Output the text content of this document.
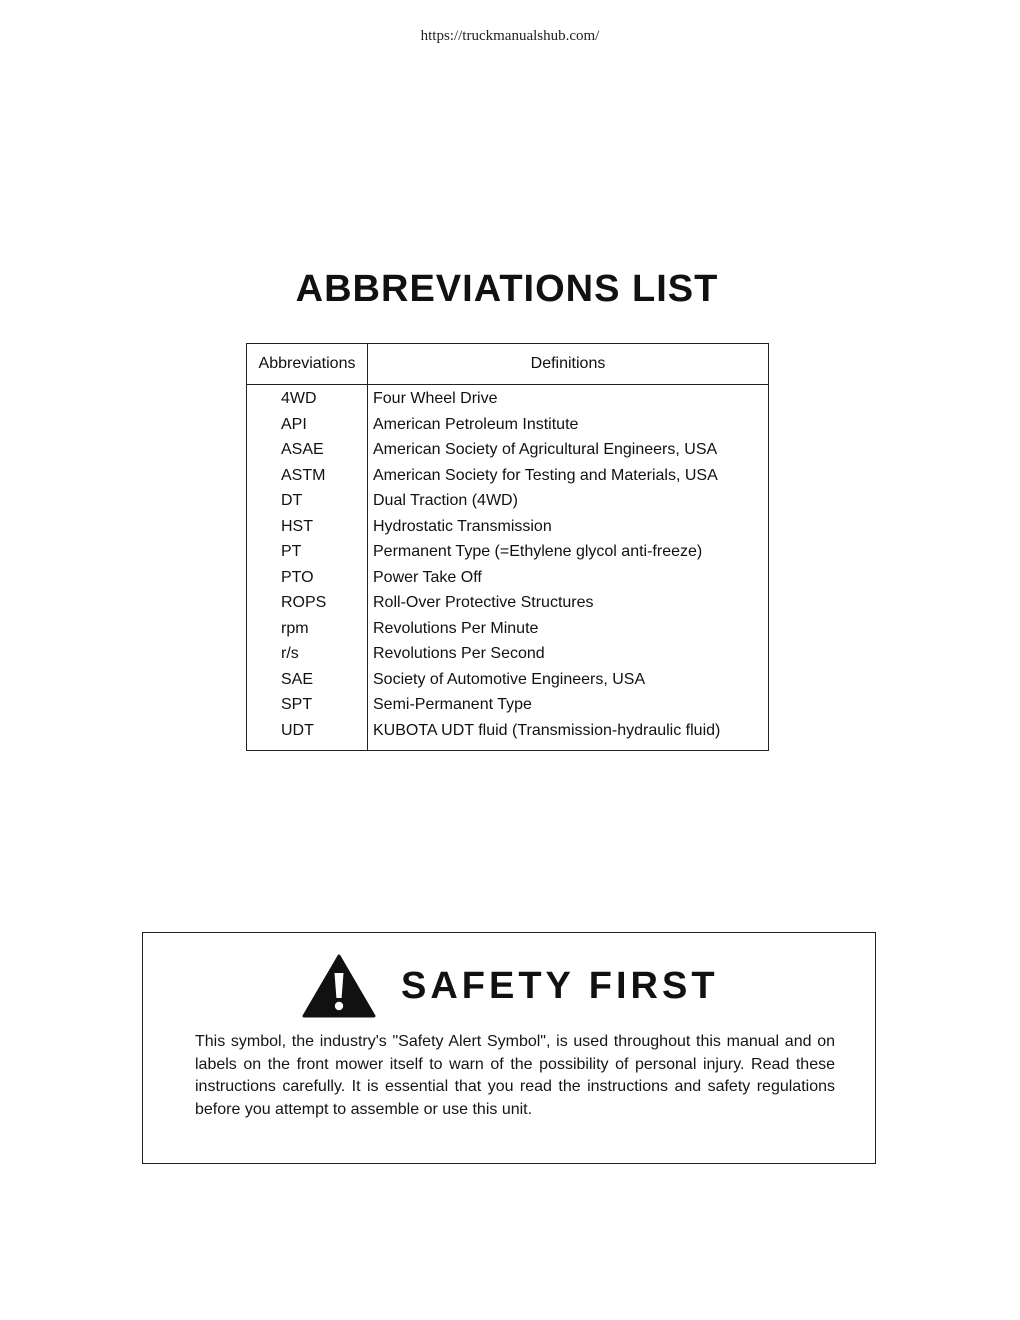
https://truckmanualshub.com/
ABBREVIATIONS LIST
Abbreviations	Definitions
4WD	Four Wheel Drive
API	American Petroleum Institute
ASAE	American Society of Agricultural Engineers, USA
ASTM	American Society for Testing and Materials, USA
DT	Dual Traction (4WD)
HST	Hydrostatic Transmission
PT	Permanent Type (=Ethylene glycol anti-freeze)
PTO	Power Take Off
ROPS	Roll-Over Protective Structures
rpm	Revolutions Per Minute
r/s	Revolutions Per Second
SAE	Society of Automotive Engineers, USA
SPT	Semi-Permanent Type
UDT	KUBOTA UDT fluid (Transmission-hydraulic fluid)
SAFETY FIRST
This symbol, the industry's "Safety Alert Symbol", is used throughout this manual and on labels on the front mower itself to warn of the possibility of personal injury. Read these instructions carefully. It is essential that you read the instructions and safety regulations before you attempt to assemble or use this unit.
